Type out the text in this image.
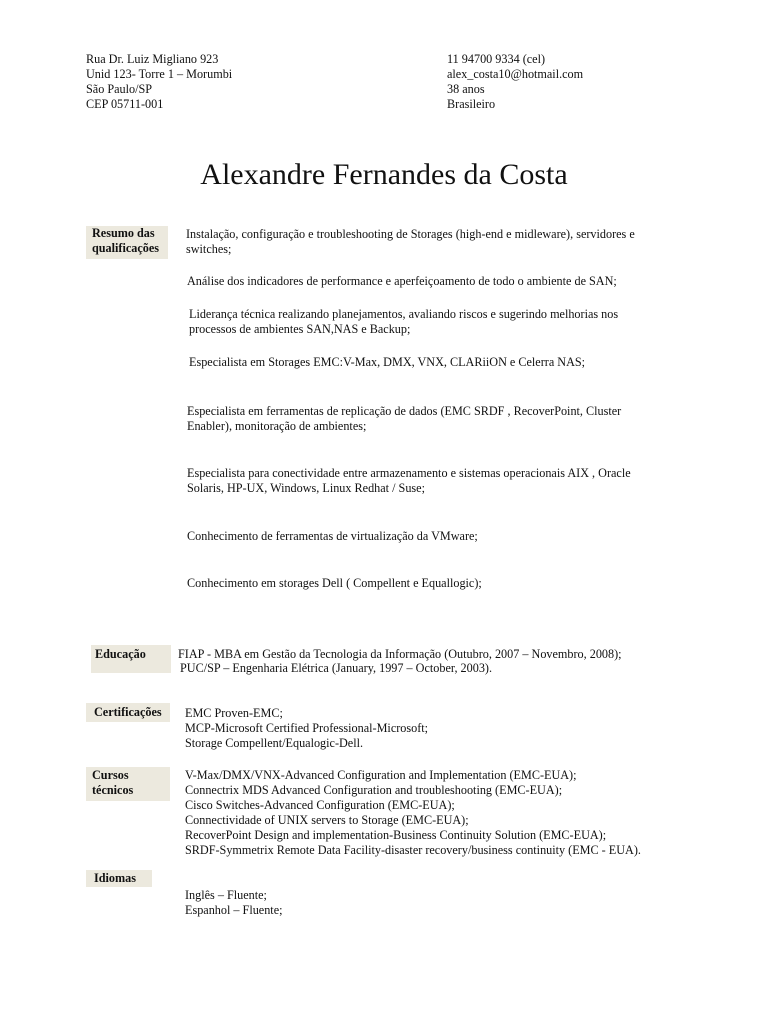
Rua Dr. Luiz Migliano 923
Unid 123- Torre 1 – Morumbi
São Paulo/SP
CEP 05711-001
11 94700 9334 (cel)
alex_costa10@hotmail.com
38 anos
Brasileiro
Alexandre Fernandes da Costa
Resumo das
qualificações
Instalação, configuração e troubleshooting de Storages (high-end e midleware), servidores e switches;
Análise dos indicadores de performance e aperfeiçoamento de todo o ambiente de SAN;
Liderança técnica realizando planejamentos, avaliando riscos e sugerindo melhorias nos processos de ambientes SAN,NAS e Backup;
Especialista em Storages EMC:V-Max, DMX, VNX, CLARiiON e Celerra NAS;
Especialista em ferramentas de replicação de dados (EMC SRDF , RecoverPoint, Cluster Enabler), monitoração de ambientes;
Especialista para conectividade entre armazenamento e sistemas operacionais AIX , Oracle Solaris, HP-UX, Windows, Linux Redhat / Suse;
Conhecimento de ferramentas de virtualização da VMware;
Conhecimento em storages Dell ( Compellent e Equallogic);
Educação	FIAP - MBA em Gestão da Tecnologia da Informação (Outubro, 2007 – Novembro, 2008);
PUC/SP – Engenharia Elétrica (January, 1997 – October, 2003).
Certificações	EMC Proven-EMC;
MCP-Microsoft Certified Professional-Microsoft;
Storage Compellent/Equalogic-Dell.
Cursos
técnicos
V-Max/DMX/VNX-Advanced Configuration and Implementation (EMC-EUA);
Connectrix MDS Advanced Configuration and troubleshooting (EMC-EUA);
Cisco Switches-Advanced Configuration (EMC-EUA);
Connectividade of UNIX servers to Storage (EMC-EUA);
RecoverPoint Design and implementation-Business Continuity Solution (EMC-EUA);
SRDF-Symmetrix Remote Data Facility-disaster recovery/business continuity (EMC - EUA).
Idiomas
Inglês – Fluente;
Espanhol – Fluente;
